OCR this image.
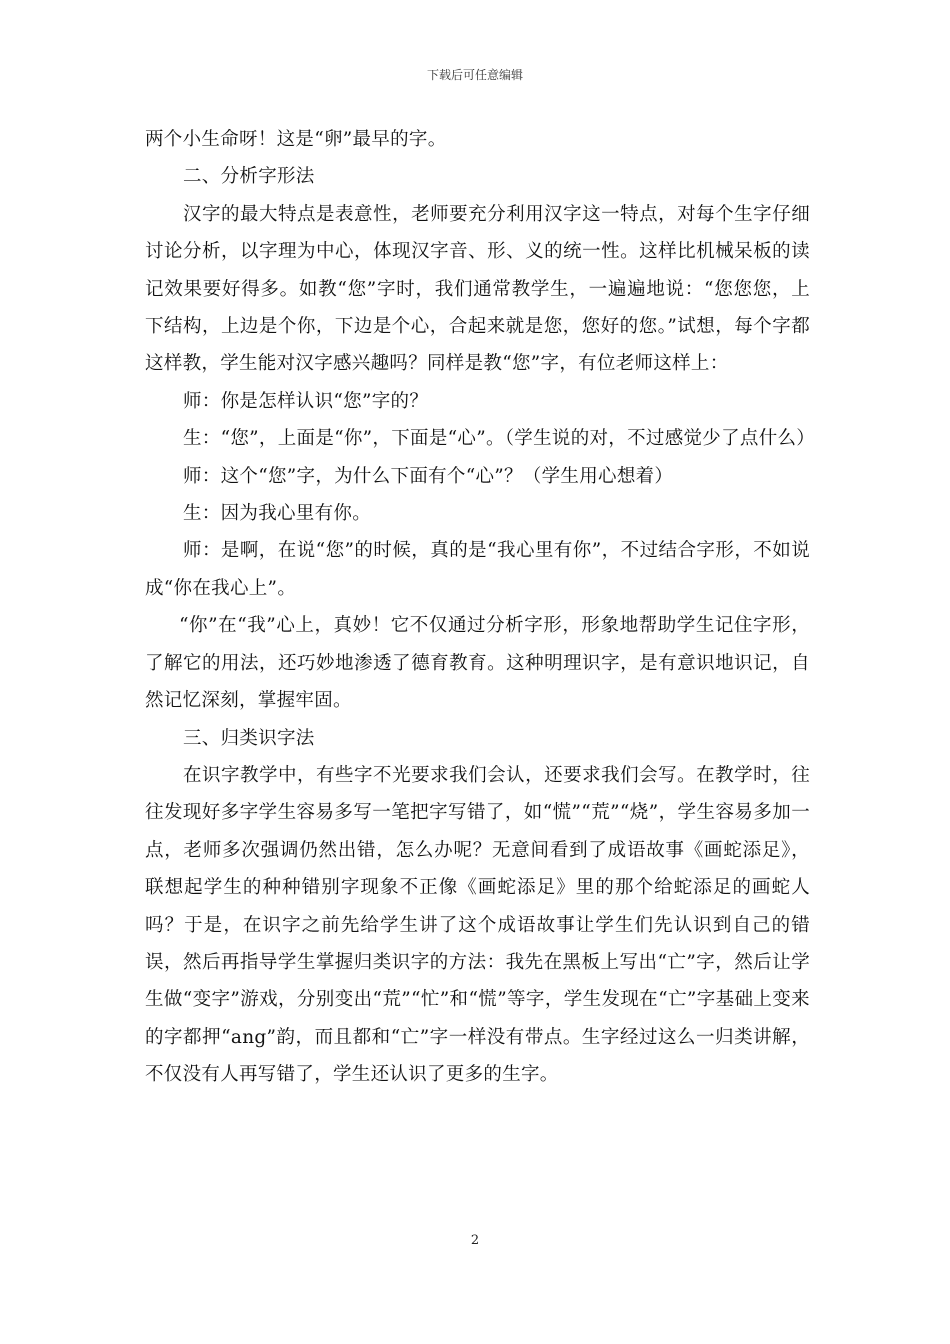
下载后可任意编辑

两个小生命呀！这是“卵”最早的字。

二、分析字形法

汉字的最大特点是表意性，老师要充分利用汉字这一特点，对每个生字仔细讨论分析，以字理为中心，体现汉字音、形、义的统一性。这样比机械呆板的读记效果要好得多。如教“您”字时，我们通常教学生，一遍遍地说：“您您您，上下结构，上边是个你，下边是个心，合起来就是您，您好的您。”试想，每个字都这样教，学生能对汉字感兴趣吗？同样是教“您”字，有位老师这样上：

师：你是怎样认识“您”字的？

生：“您”，上面是“你”，下面是“心”。（学生说的对，不过感觉少了点什么）

师：这个“您”字，为什么下面有个“心”？（学生用心想着）

生：因为我心里有你。

师：是啊，在说“您”的时候，真的是“我心里有你”，不过结合字形，不如说成“你在我心上”。

“你”在“我”心上，真妙！它不仅通过分析字形，形象地帮助学生记住字形，了解它的用法，还巧妙地渗透了德育教育。这种明理识字，是有意识地识记，自然记忆深刻，掌握牢固。

三、归类识字法

在识字教学中，有些字不光要求我们会认，还要求我们会写。在教学时，往往发现好多字学生容易多写一笔把字写错了，如“慌”“荒”“烧”，学生容易多加一点，老师多次强调仍然出错，怎么办呢？无意间看到了成语故事《画蛇添足》，联想起学生的种种错别字现象不正像《画蛇添足》里的那个给蛇添足的画蛇人吗？于是，在识字之前先给学生讲了这个成语故事让学生们先认识到自己的错误，然后再指导学生掌握归类识字的方法：我先在黑板上写出“亡”字，然后让学生做“变字”游戏，分别变出“荒”“忙”和“慌”等字，学生发现在“亡”字基础上变来的字都押“ang”韵，而且都和“亡”字一样没有带点。生字经过这么一归类讲解，不仅没有人再写错了，学生还认识了更多的生字。

2
